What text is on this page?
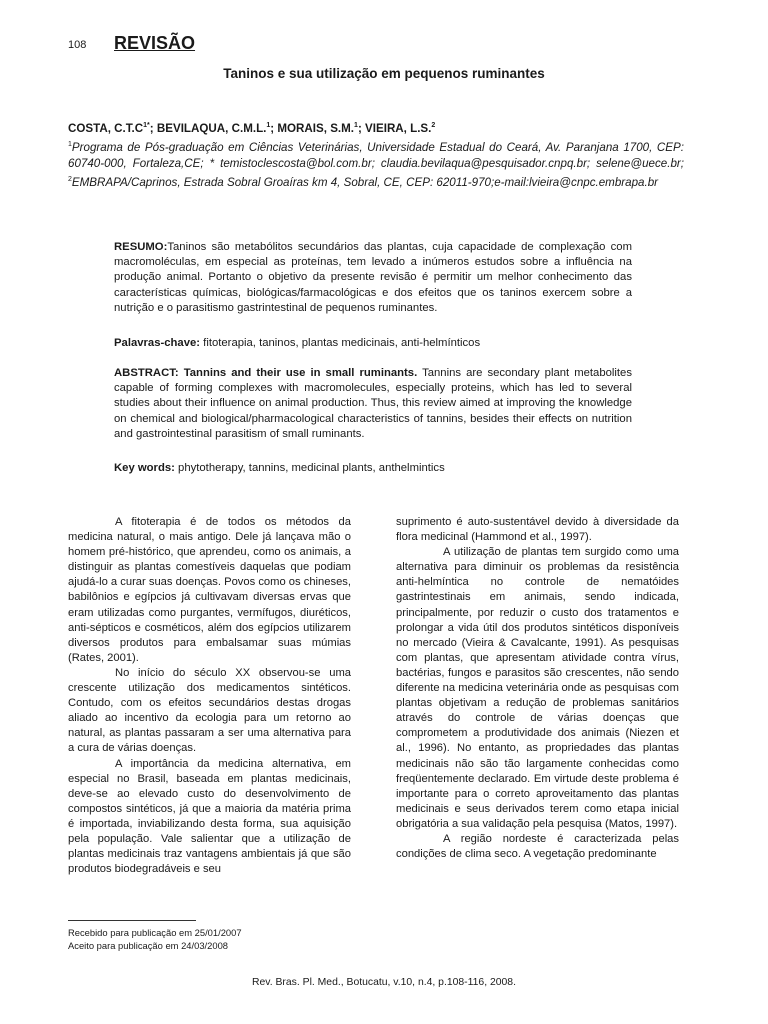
108 REVISÃO
Taninos e sua utilização em pequenos ruminantes
COSTA, $C.T.C^{1*}$; BEVILAQUA, C.M.L.$^1$; MORAIS, S.M.$^1$; VIEIRA, L.S.$^2$
$^1$Programa de Pós-graduação em Ciências Veterinárias, Universidade Estadual do Ceará, Av. Paranjana 1700, CEP: 60740-000, Fortaleza,CE; * temistoclescosta@bol.com.br; claudia.bevilaqua@pesquisador.cnpq.br; selene@uece.br; $^2$EMBRAPA/Caprinos, Estrada Sobral Groaíras km 4, Sobral, CE, CEP: 62011-970;e-mail:lvieira@cnpc.embrapa.br
RESUMO:Taninos são metabólitos secundários das plantas, cuja capacidade de complexação com macromoléculas, em especial as proteínas, tem levado a inúmeros estudos sobre a influência na produção animal. Portanto o objetivo da presente revisão é permitir um melhor conhecimento das características químicas, biológicas/farmacológicas e dos efeitos que os taninos exercem sobre a nutrição e o parasitismo gastrintestinal de pequenos ruminantes.
Palavras-chave: fitoterapia, taninos, plantas medicinais, anti-helmínticos
ABSTRACT: Tannins and their use in small ruminants. Tannins are secondary plant metabolites capable of forming complexes with macromolecules, especially proteins, which has led to several studies about their influence on animal production. Thus, this review aimed at improving the knowledge on chemical and biological/pharmacological characteristics of tannins, besides their effects on nutrition and gastrointestinal parasitism of small ruminants.
Key words: phytotherapy, tannins, medicinal plants, anthelmintics

A fitoterapia é de todos os métodos da medicina natural, o mais antigo. Dele já lançava mão o homem pré-histórico, que aprendeu, como os animais, a distinguir as plantas comestíveis daquelas que podiam ajudá-lo a curar suas doenças. Povos como os chineses, babilônios e egípcios já cultivavam diversas ervas que eram utilizadas como purgantes, vermífugos, diuréticos, anti-sépticos e cosméticos, além dos egípcios utilizarem diversos produtos para embalsamar suas múmias (Rates, 2001).

No início do século XX observou-se uma crescente utilização dos medicamentos sintéticos. Contudo, com os efeitos secundários destas drogas aliado ao incentivo da ecologia para um retorno ao natural, as plantas passaram a ser uma alternativa para a cura de várias doenças.

A importância da medicina alternativa, em especial no Brasil, baseada em plantas medicinais, deve-se ao elevado custo do desenvolvimento de compostos sintéticos, já que a maioria da matéria prima é importada, inviabilizando desta forma, sua aquisição pela população. Vale salientar que a utilização de plantas medicinais traz vantagens ambientais já que são produtos biodegradáveis e seu

suprimento é auto-sustentável devido à diversidade da flora medicinal (Hammond et al., 1997).

A utilização de plantas tem surgido como uma alternativa para diminuir os problemas da resistência anti-helmíntica no controle de nematóides gastrintestinais em animais, sendo indicada, principalmente, por reduzir o custo dos tratamentos e prolongar a vida útil dos produtos sintéticos disponíveis no mercado (Vieira & Cavalcante, 1991). As pesquisas com plantas, que apresentam atividade contra vírus, bactérias, fungos e parasitos são crescentes, não sendo diferente na medicina veterinária onde as pesquisas com plantas objetivam a redução de problemas sanitários através do controle de várias doenças que comprometem a produtividade dos animais (Niezen et al., 1996). No entanto, as propriedades das plantas medicinais não são tão largamente conhecidas como freqüentemente declarado. Em virtude deste problema é importante para o correto aproveitamento das plantas medicinais e seus derivados terem como etapa inicial obrigatória a sua validação pela pesquisa (Matos, 1997).

A região nordeste é caracterizada pelas condições de clima seco. A vegetação predominante

Recebido para publicação em 25/01/2007
Aceito para publicação em 24/03/2008
Rev. Bras. Pl. Med., Botucatu, v.10, n.4, p.108-116, 2008.
